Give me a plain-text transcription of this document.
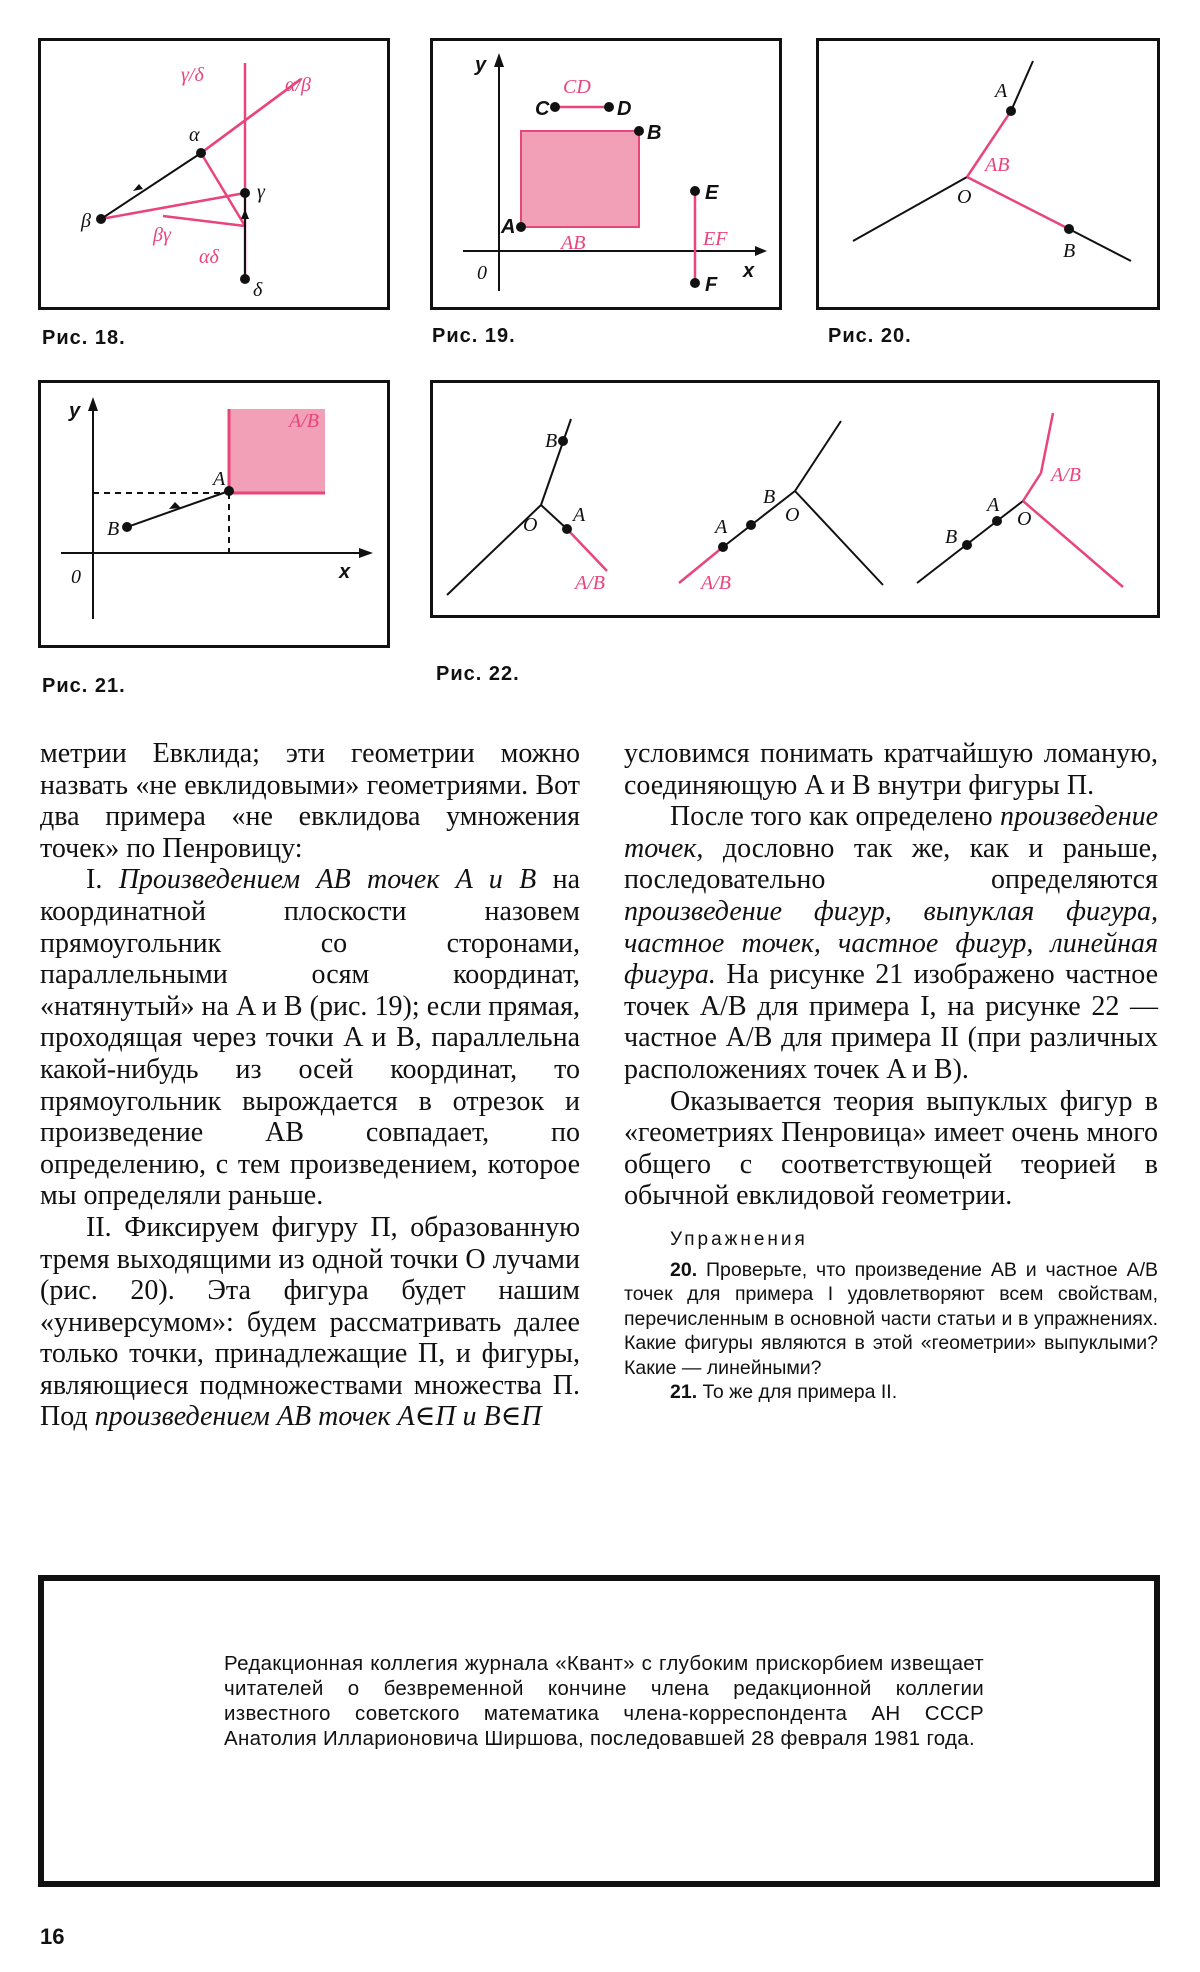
γ/δ	α/β
α
β
γ
δ
βγ
αδ
Рис. 18.
y
x
0
C	D
CD
B
A
AB
E
F
EF
Рис. 19.
A
O
B
AB
Рис. 20.
y
x
0
A
B
A/B
Рис. 21.
B
O A
A/B
A
B
O
A/B
A
B
O
A/B
Рис. 22.

метрии Евклида; эти геометрии можно назвать «не евклидовыми» геометриями. Вот два примера «не евклидова умножения точек» по Пенровицу:

I. Произведением AB точек A и B на координатной плоскости назовем прямоугольник со сторонами, параллельными осям координат, «натянутый» на A и B (рис. 19); если прямая, проходящая через точки A и B, параллельна какой-нибудь из осей координат, то прямоугольник вырождается в отрезок и произведение AB совпадает, по определению, с тем произведением, которое мы определяли раньше.

II. Фиксируем фигуру П, образованную тремя выходящими из одной точки O лучами (рис. 20). Эта фигура будет нашим «универсумом»: будем рассматривать далее только точки, принадлежащие П, и фигуры, являющиеся подмножествами множества П. Под произведением AB точек A∈П и B∈П

условимся понимать кратчайшую ломаную, соединяющую A и B внутри фигуры П.

После того как определено произведение точек, дословно так же, как и раньше, последовательно определяются произведение фигур, выпуклая фигура, частное точек, частное фигур, линейная фигура. На рисунке 21 изображено частное точек A/B для примера I, на рисунке 22 — частное A/B для примера II (при различных расположениях точек A и B).

Оказывается теория выпуклых фигур в «геометриях Пенровица» имеет очень много общего с соответствующей теорией в обычной евклидовой геометрии.

Упражнения

20. Проверьте, что произведение AB и частное A/B точек для примера I удовлетворяют всем свойствам, перечисленным в основной части статьи и в упражнениях. Какие фигуры являются в этой «геометрии» выпуклыми? Какие — линейными?

21. То же для примера II.

Редакционная коллегия журнала «Квант» с глубоким прискорбием извещает читателей о безвременной кончине члена редакционной коллегии известного советского математика члена-корреспондента АН СССР Анатолия Илларионовича Ширшова, последовавшей 28 февраля 1981 года.
16
